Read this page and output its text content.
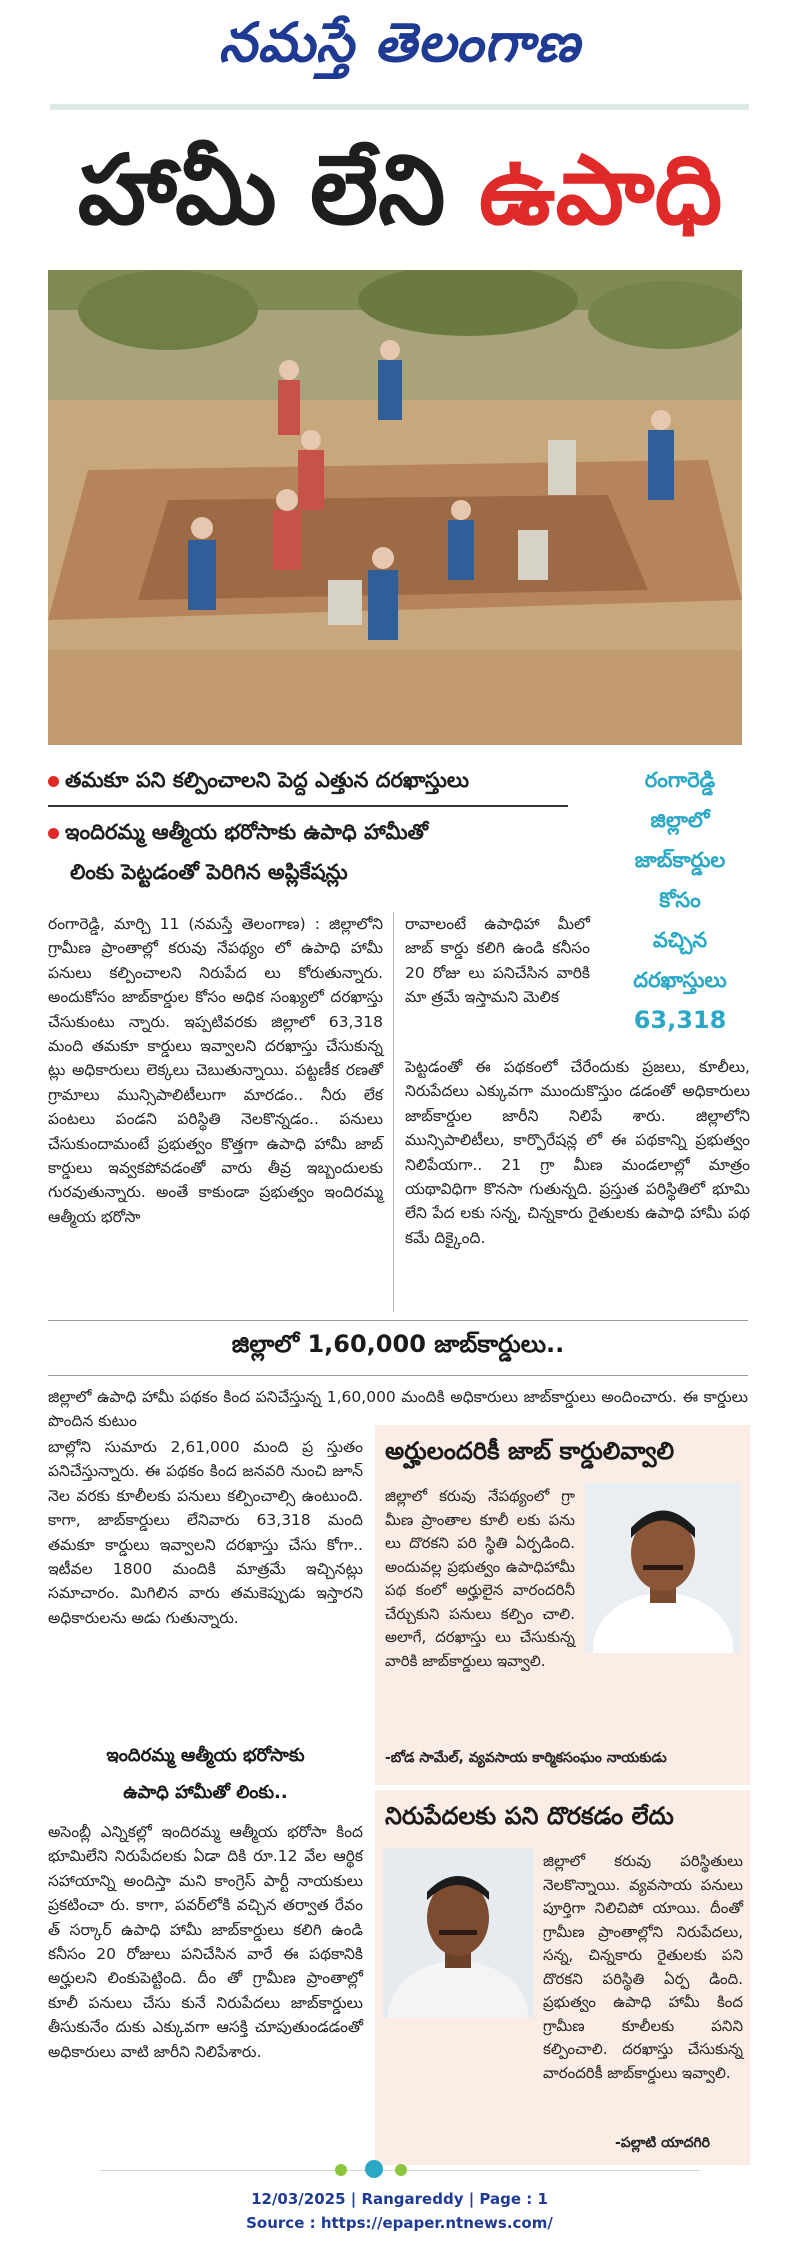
నమస్తే తెలంగాణ
హామీ లేని ఉపాధి
తమకూ పని కల్పించాలని పెద్ద ఎత్తున దరఖాస్తులు
ఇందిరమ్మ ఆత్మీయ భరోసాకు ఉపాధి హామీతో
లింకు పెట్టడంతో పెరిగిన అప్లికేషన్లు
రంగారెడ్డి
జిల్లాలో
జాబ్‌కార్డుల
కోసం
వచ్చిన
దరఖాస్తులు
63,318
రంగారెడ్డి, మార్చి 11 (నమస్తే తెలంగాణ) : జిల్లాలోని గ్రామీణ ప్రాంతాల్లో కరువు నేపథ్యం లో ఉపాధి హామీ పనులు కల్పించాలని నిరుపేద లు కోరుతున్నారు. అందుకోసం జాబ్‌కార్డుల కోసం అధిక సంఖ్యలో దరఖాస్తు చేసుకుంటు న్నారు. ఇప్పటివరకు జిల్లాలో 63,318 మంది తమకూ కార్డులు ఇవ్వాలని దరఖాస్తు చేసుకున్న ట్లు అధికారులు లెక్కలు చెబుతున్నాయి. పట్టణీక రణతో గ్రామాలు మున్సిపాలిటీలుగా మారడం.. నీరు లేక పంటలు పండని పరిస్థితి నెలకొన్నడం.. పనులు చేసుకుందామంటే ప్రభుత్వం కొత్తగా ఉపాధి హామీ జాబ్ కార్డులు ఇవ్వకపోవడంతో వారు తీవ్ర ఇబ్బందులకు గురవుతున్నారు. అంతే కాకుండా ప్రభుత్వం ఇందిరమ్మ ఆత్మీయ భరోసా
రావాలంటే ఉపాధిహా మీలో జాబ్ కార్డు కలిగి ఉండి కనీసం 20 రోజు లు పనిచేసిన వారికి మా త్రమే ఇస్తామని మెలిక
పెట్టడంతో ఈ పథకంలో చేరేందుకు ప్రజలు, కూలీలు, నిరుపేదలు ఎక్కువగా ముందుకొస్తుం డడంతో అధికారులు జాబ్‌కార్డుల జారీని నిలిపే శారు. జిల్లాలోని మున్సిపాలిటీలు, కార్పొరేషన్ల లో ఈ పథకాన్ని ప్రభుత్వం నిలిపేయగా.. 21 గ్రా మీణ మండలాల్లో మాత్రం యథావిధిగా కొనసా గుతున్నది. ప్రస్తుత పరిస్థితిలో భూమి లేని పేద లకు సన్న, చిన్నకారు రైతులకు ఉపాధి హామీ పథ కమే దిక్కైంది.
జిల్లాలో 1,60,000 జాబ్‌కార్డులు..
జిల్లాలో ఉపాధి హామీ పథకం కింద పనిచేస్తున్న 1,60,000 మందికి అధికారులు జాబ్‌కార్డులు అందించారు. ఈ కార్డులు పొందిన కుటుం
బాల్లోని సుమారు 2,61,000 మంది ప్ర స్తుతం పనిచేస్తున్నారు. ఈ పథకం కింద జనవరి నుంచి జూన్ నెల వరకు కూలీలకు పనులు కల్పించాల్సి ఉంటుంది. కాగా, జాబ్‌కార్డులు లేనివారు 63,318 మంది తమకూ కార్డులు ఇవ్వాలని దరఖాస్తు చేసు కోగా.. ఇటీవల 1800 మందికి మాత్రమే ఇచ్చినట్లు సమాచారం. మిగిలిన వారు తమకెప్పుడు ఇస్తారని అధికారులను అడు గుతున్నారు.
ఇందిరమ్మ ఆత్మీయ భరోసాకు
ఉపాధి హామీతో లింకు..
అసెంబ్లీ ఎన్నికల్లో ఇందిరమ్మ ఆత్మీయ భరోసా కింద భూమిలేని నిరుపేదలకు ఏడా దికి రూ.12 వేల ఆర్థిక సహాయాన్ని అందిస్తా మని కాంగ్రెస్ పార్టీ నాయకులు ప్రకటించా రు. కాగా, పవర్‌లోకి వచ్చిన తర్వాత రేవం త్ సర్కార్ ఉపాధి హామీ జాబ్‌కార్డులు కలిగి ఉండి కనీసం 20 రోజులు పనిచేసిన వారే ఈ పథకానికి అర్హులని లింకుపెట్టింది. దీం తో గ్రామీణ ప్రాంతాల్లో కూలీ పనులు చేసు కునే నిరుపేదలు జాబ్‌కార్డులు తీసుకునేం దుకు ఎక్కువగా ఆసక్తి చూపుతుండడంతో అధికారులు వాటి జారీని నిలిపేశారు.
అర్హులందరికీ జాబ్ కార్డులివ్వాలి
జిల్లాలో కరువు నేపథ్యంలో గ్రా మీణ ప్రాంతాల కూలీ లకు పను లు దొరకని పరి స్థితి ఏర్పడింది. అందువల్ల ప్రభుత్వం ఉపాధిహామీ పథ కంలో అర్హులైన వారందరినీ చేర్చుకుని పనులు కల్పిం చాలి. అలాగే, దరఖాస్తు లు చేసుకున్న వారికి జాబ్‌కార్డులు ఇవ్వాలి.
-బోడ సామేల్, వ్యవసాయ కార్మికసంఘం నాయకుడు
నిరుపేదలకు పని దొరకడం లేదు
జిల్లాలో కరువు పరిస్థితులు నెలకొన్నాయి. వ్యవసాయ పనులు పూర్తిగా నిలిచిపో యాయి. దీంతో గ్రామీణ ప్రాంతాల్లోని నిరుపేదలు, సన్న, చిన్నకారు రైతులకు పని దొరకని పరిస్థితి ఏర్ప డింది. ప్రభుత్వం ఉపాధి హామీ కింద గ్రామీణ కూలీలకు పనిని కల్పించాలి. దరఖాస్తు చేసుకున్న వారందరికీ జాబ్‌కార్డులు ఇవ్వాలి.
-పల్లాటి యాదగిరి
12/03/2025 | Rangareddy | Page : 1
Source : https://epaper.ntnews.com/
